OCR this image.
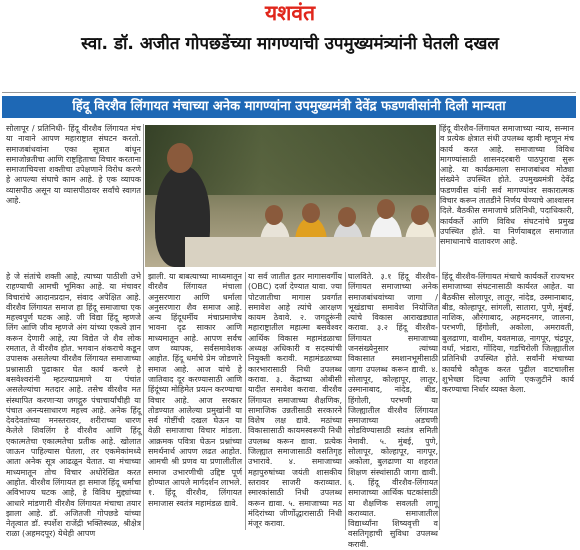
यशवंत
स्वा. डॉ. अजीत गोपछडेंच्या मागण्याची उपमुख्यमंत्र्यांनी घेतली दखल
हिंदू विरशैव लिंगायत मंचाच्या अनेक मागण्यांना उपमुख्यमंत्री देवेंद्र फडणवीसांनी दिली मान्यता

सोलापूर / प्रतिनिधी- हिंदू वीरशैव लिंगायत मंच या नावाने आपण महाराष्ट्रात संघटन करतो. समाजबांधवांना एका सूत्रात बांधून समाजोन्नतीचा आणि राष्ट्रहिताचा विचार करताना समाजाचियत्ता शक्तीचा उपेक्षणाने विरोध करणे हे आपल्या संघाचे काम आहे. हे एक व्यापक व्यासपीठ असून या व्यासपीठावर सर्वांचे स्वागत आहे.

हे जे संतांचे शक्ती आहे, त्याच्या पाठीशी उभे राहण्याची आमची भूमिका आहे. या मंचावर विचारांचे आदानप्रदान, संवाद अपेक्षित आहे. वीरशैव लिंगायत समाज हा हिंदू समाजाचा एक महत्त्वपूर्ण घटक आहे. जी विद्या हिंदू म्हणजे लिंग आणि जीव म्हणजे अंग यांच्या एकत्वे ज्ञान करून देणारी आहे, त्या विद्येत जे शैव लोक रमतात, ते वीरशैव होत. भगवान शंकराचे कडून उपासक असलेल्या वीरशैव लिंगायत समाजाच्या प्रश्नासाठी पुढाकार घेत कार्य करणे हे बसवेश्वरांनी म्हटल्याप्रमाणे या पंचांत असलेल्यांचा मतदार आहे. तसेच वीरशैव मत संस्थापित करणाऱ्या जगद्गुरु पंचाचार्यांचीही या पंचात अनन्यसाधारण महत्त्व आहे. अनेक हिंदू देवदेवतांच्या मनस्तरावर, शरीराच्या धारण केलेले शिवलिंग हे वीरशैव आणि हिंदू एकात्मतेचा एकात्मतेचा प्रतीक आहे. खोलात जाऊन पाहिल्यास घेतला, तर एकमेकांमध्ये आता अनेक सूत्र आढळून येतात. या मंचाच्या माध्यमातून तोच विचार अधोरेखित करत आहोत. वीरशैव लिंगायत हा समाज हिंदू धर्माचा अविभाज्य घटक आहे, हे विविध मुद्द्यांच्या आधारे मांडणारी वीरशैव लिंगायत मंचाचा तयार झाला आहे. डॉ. अजितजी गोपछडे यांच्या नेतृत्वात डॉ. स्पर्शेश राजेंद्री भक्तिस्थळ, श्रीक्षेत्र राळा (अहमदपूर) येथेही आपण

हिंदू वीरशैव-लिंगायत समाजाच्या न्याय, सन्मान व प्रत्येक क्षेत्रात संधी उपलब्ध व्हावी म्हणून मंच कार्य करत आहे. समाजाच्या विविध मागण्यांसाठी शासनदरबारी पाठपुरावा सुरू आहे. या कार्यक्रमाला समाजबांधव मोठ्या संख्येने उपस्थित होते. उपमुख्यमंत्री देवेंद्र फडणवीस यांनी सर्व मागण्यांवर सकारात्मक विचार करून तातडीने निर्णय घेण्याचे आश्वासन दिले. बैठकीस समाजाचे प्रतिनिधी, पदाधिकारी, कार्यकर्ते आणि विविध संघटनांचे प्रमुख उपस्थित होते. या निर्णयाबद्दल समाजात समाधानाचे वातावरण आहे.

झाली. या बाबत्याच्या माध्यमातून वीरशैव लिंगायत मंचाला अनुसरणारा आणि धर्माला अनुसरणारा शैव समाज आहे. अन्य हिंदूधर्मीय मंचाप्रमाणेच भावना दृढ साकार आणि माध्यमातून आहे. आपण सर्वच जण व्यापक, सर्वसमावेशक आहोत. हिंदू धर्माचे प्रेम जोडणारे समाज आहे. आज यांचे हे जातिवाद दूर करण्यासाठी आणि हिंदूंच्या मोहिमेत प्रयत्न करण्याचा विचार आहे. आज सरकार तोडण्यात आलेल्या प्रमुखांनी या सर्व गोष्टींची दखल घेऊन या वेळी समाजाचा विचार मांडला. आक्रमक पवित्रा घेऊन प्रश्नांच्या समर्थनार्थ आपण लढत आहोत. आमची श्री प्रणव या प्रणालीतील समाज उभारणीची उद्दिष्ट पूर्ण होण्यात आपले मार्गदर्शन लाभले. १. हिंदू वीरशैव, लिंगायत समाजास स्वतंत्र महामंडळ द्यावे.

या सर्व जातीत इतर मागासवर्गीय (OBC) दर्जा देण्यात यावा. ज्या पोटजातीचा मागास प्रवर्गात समावेश आहे त्यांचे आरक्षण कायम ठेवावे. २. जगद्गुरूंनी महाराष्ट्रातील महात्मा बसवेश्वर आर्थिक विकास महामंडळाचा अध्यक्ष अधिकारी व सदस्यांची नियुक्ती करावी. महामंडळाच्या कारभारासाठी निधी उपलब्ध करावा. ३. केंद्राच्या ओबीसी यादीत समावेश करावा. वीरशैव लिंगायत समाजाच्या शैक्षणिक, सामाजिक उन्नतीसाठी सरकारने विशेष लक्ष द्यावे. मठांच्या विकासासाठी कायमस्वरूपी निधी उपलब्ध करून द्यावा. प्रत्येक जिल्ह्यात समाजासाठी वसतिगृह उभारावे. ४. समाजाच्या महापुरुषांच्या जयंती शासकीय स्तरावर साजरी कराव्यात. स्मारकांसाठी निधी उपलब्ध करून द्यावा. ५. समाजाच्या मठ मंदिरांच्या जीर्णोद्धारासाठी निधी मंजूर करावा.

घालविते. ३.१ हिंदू वीरशैव-लिंगायत समाजाच्या अनेक समाजबांधवांच्या जागा / भूखंडाचा समावेश नियोजित त्यांचे विकास आराखड्यात करावा. ३.२ हिंदू वीरशैव-लिंगायत समाजाच्या जनसंख्येनुसार त्यांच्या विकासात स्मशानभूमीसाठी जागा उपलब्ध करून द्यावी. ४. सोलापूर, कोल्हापूर, लातूर, उस्मानाबाद, नांदेड, बीड, हिंगोली, परभणी या जिल्ह्यातील वीरशैव लिंगायत समाजाच्या अडचणी सोडविण्यासाठी स्वतंत्र समिती नेमावी. ५. मुंबई, पुणे, सोलापूर, कोल्हापूर, नागपूर, अकोला, बुलढाणा या शहरात शिक्षण संस्थांसाठी जागा द्यावी. ६. हिंदू वीरशैव-लिंगायत समाजाच्या आर्थिक घटकांसाठी या शैक्षणिक सवलती लागू कराव्यात. समाजातील विद्यार्थ्यांना शिष्यवृत्ती व वसतिगृहाची सुविधा उपलब्ध करावी.

हिंदू वीरशैव-लिंगायत मंचाचे कार्यकर्ते राज्यभर समाजाच्या संघटनासाठी कार्यरत आहेत. या बैठकीस सोलापूर, लातूर, नांदेड, उस्मानाबाद, बीड, कोल्हापूर, सांगली, सातारा, पुणे, मुंबई, नाशिक, औरंगाबाद, अहमदनगर, जालना, परभणी, हिंगोली, अकोला, अमरावती, बुलढाणा, वाशीम, यवतमाळ, नागपूर, चंद्रपूर, वर्धा, भंडारा, गोंदिया, गडचिरोली जिल्ह्यातील प्रतिनिधी उपस्थित होते. सर्वांनी मंचाच्या कार्याचे कौतुक करत पुढील वाटचालीस शुभेच्छा दिल्या आणि एकजुटीने कार्य करण्याचा निर्धार व्यक्त केला.
